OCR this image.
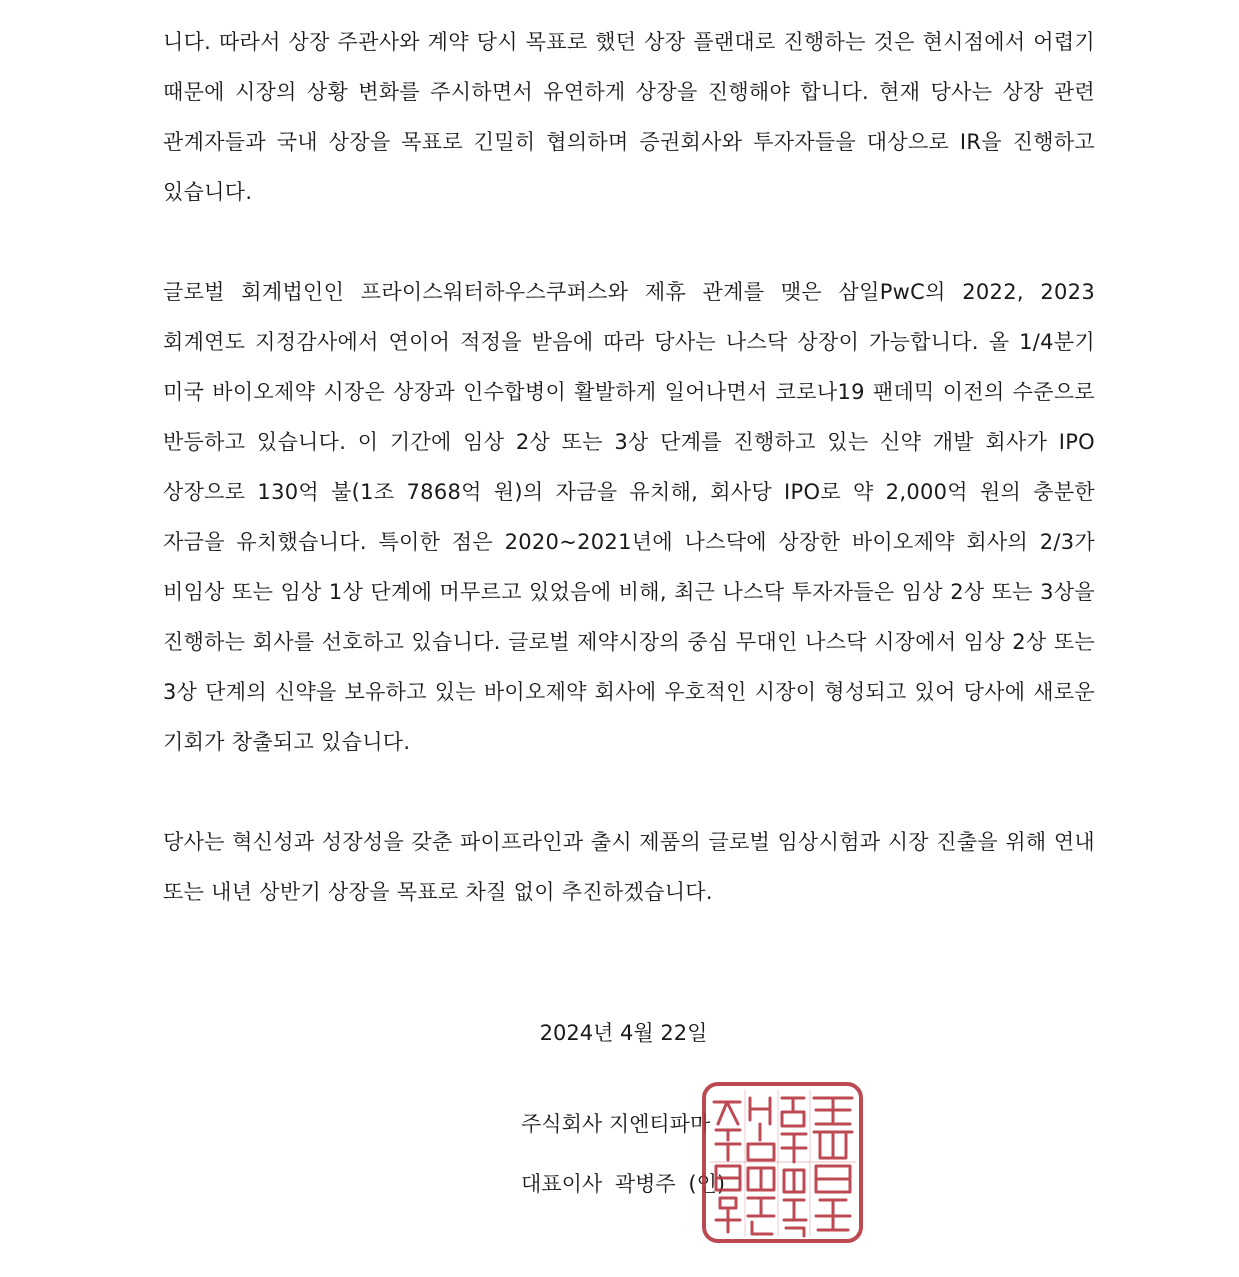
니다. 따라서 상장 주관사와 계약 당시 목표로 했던 상장 플랜대로 진행하는 것은 현시점에서 어렵기 때문에 시장의 상황 변화를 주시하면서 유연하게 상장을 진행해야 합니다. 현재 당사는 상장 관련 관계자들과 국내 상장을 목표로 긴밀히 협의하며 증권회사와 투자자들을 대상으로 IR을 진행하고 있습니다.

글로벌 회계법인인 프라이스워터하우스쿠퍼스와 제휴 관계를 맺은 삼일PwC의 2022, 2023 회계연도 지정감사에서 연이어 적정을 받음에 따라 당사는 나스닥 상장이 가능합니다. 올 1/4분기 미국 바이오제약 시장은 상장과 인수합병이 활발하게 일어나면서 코로나19 팬데믹 이전의 수준으로 반등하고 있습니다. 이 기간에 임상 2상 또는 3상 단계를 진행하고 있는 신약 개발 회사가 IPO 상장으로 130억 불(1조 7868억 원)의 자금을 유치해, 회사당 IPO로 약 2,000억 원의 충분한 자금을 유치했습니다. 특이한 점은 2020~2021년에 나스닥에 상장한 바이오제약 회사의 2/3가 비임상 또는 임상 1상 단계에 머무르고 있었음에 비해, 최근 나스닥 투자자들은 임상 2상 또는 3상을 진행하는 회사를 선호하고 있습니다. 글로벌 제약시장의 중심 무대인 나스닥 시장에서 임상 2상 또는 3상 단계의 신약을 보유하고 있는 바이오제약 회사에 우호적인 시장이 형성되고 있어 당사에 새로운 기회가 창출되고 있습니다.

당사는 혁신성과 성장성을 갖춘 파이프라인과 출시 제품의 글로벌 임상시험과 시장 진출을 위해 연내 또는 내년 상반기 상장을 목표로 차질 없이 추진하겠습니다.

2024년 4월 22일
주식회사 지엔티파마
대표이사 곽병주 (인)
